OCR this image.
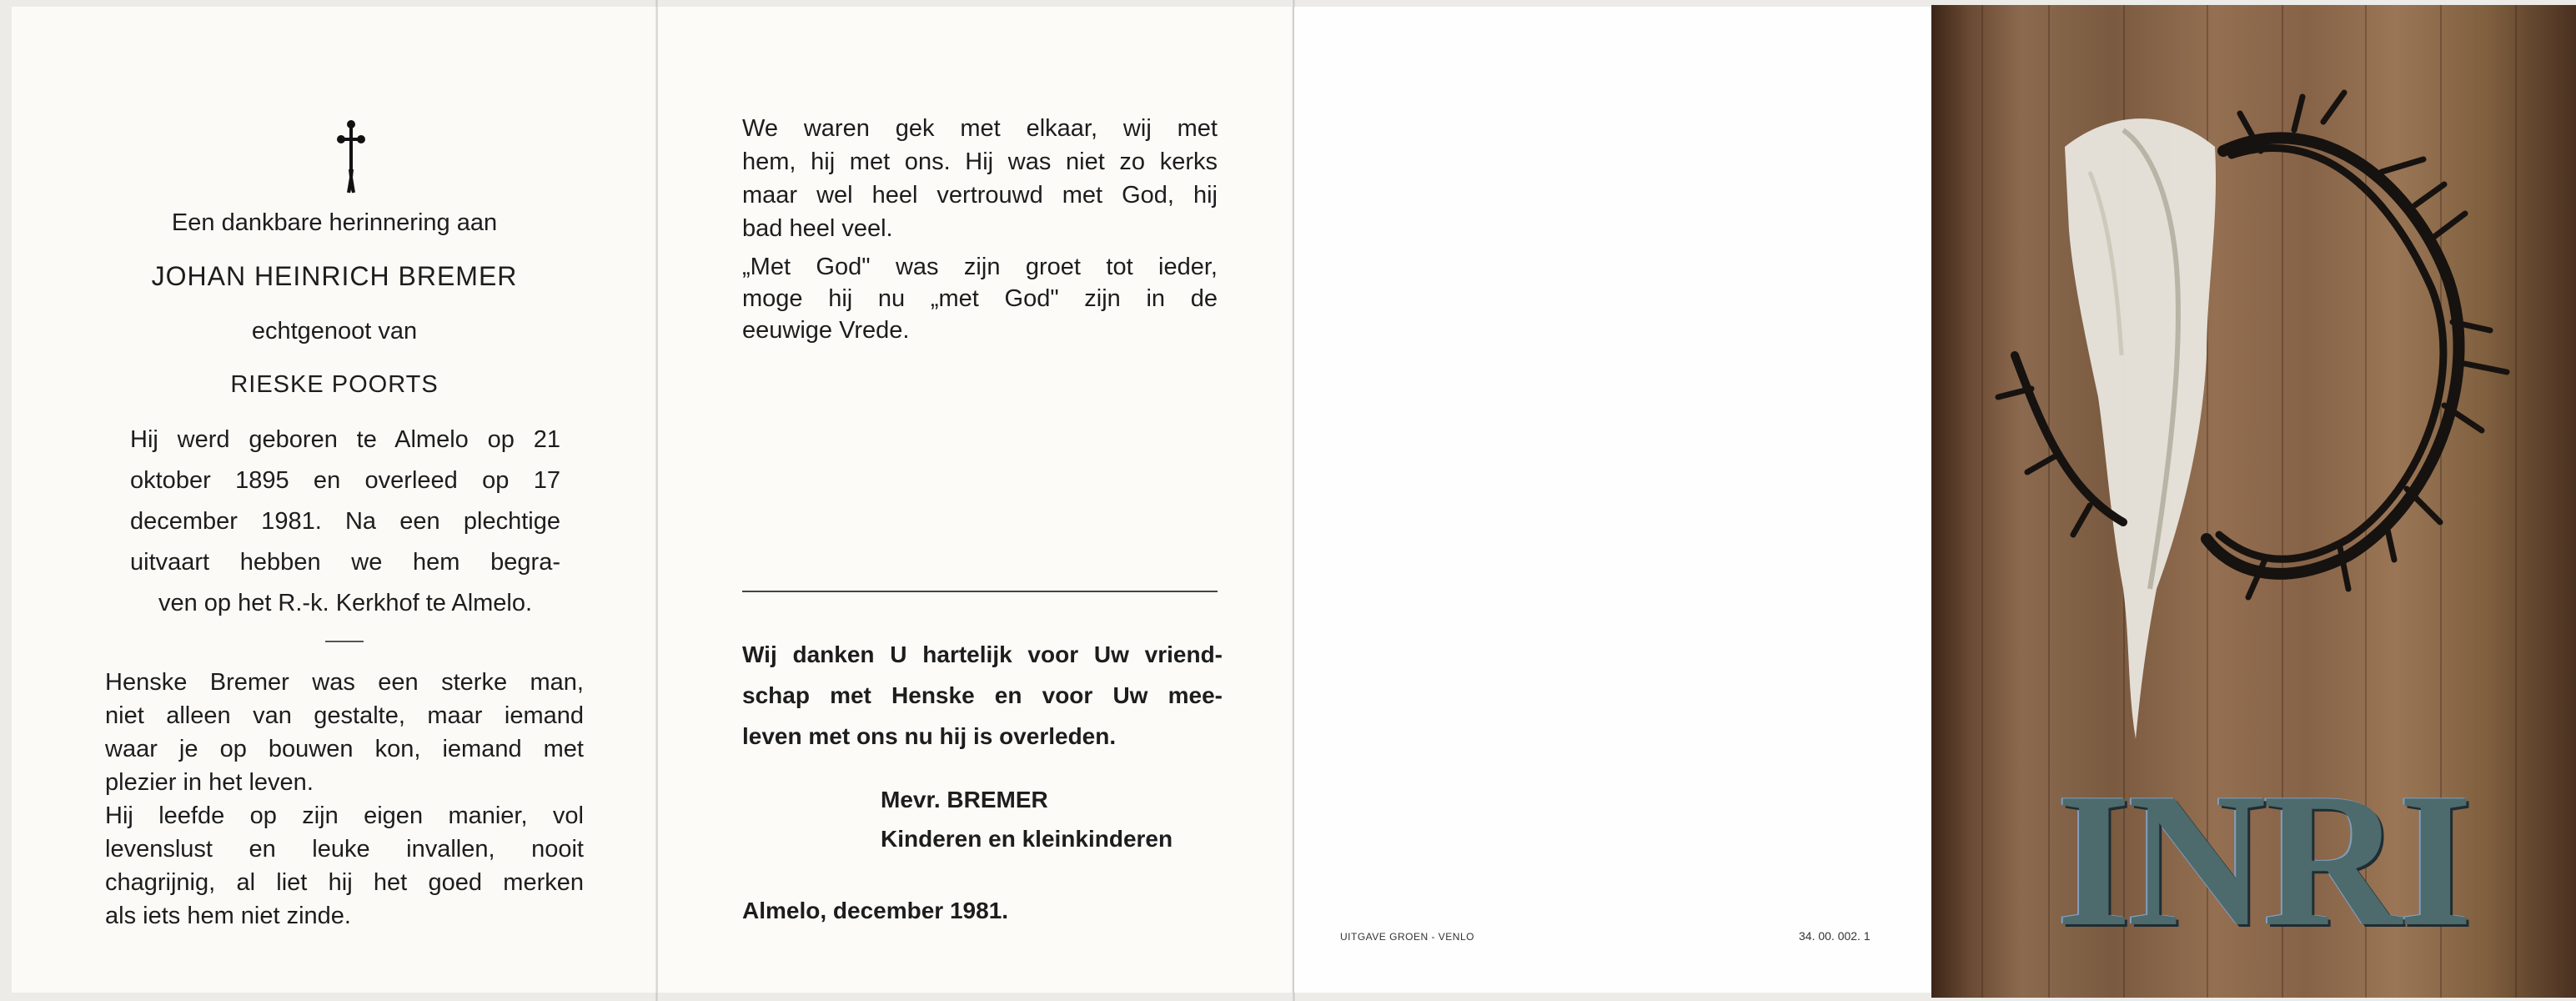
Een dankbare herinnering aan
JOHAN HEINRICH BREMER
echtgenoot van
RIESKE POORTS
Hij werd geboren te Almelo op 21
oktober 1895 en overleed op 17
december 1981. Na een plechtige
uitvaart hebben we hem begra-
ven op het R.-k. Kerkhof te Almelo.
Henske Bremer was een sterke man,
niet alleen van gestalte, maar iemand
waar je op bouwen kon, iemand met
plezier in het leven.
Hij leefde op zijn eigen manier, vol
levenslust en leuke invallen, nooit
chagrijnig, al liet hij het goed merken
als iets hem niet zinde.
We waren gek met elkaar, wij met
hem, hij met ons. Hij was niet zo kerks
maar wel heel vertrouwd met God, hij
bad heel veel.
„Met God" was zijn groet tot ieder,
moge hij nu „met God" zijn in de
eeuwige Vrede.
Wij danken U hartelijk voor Uw vriend-
schap met Henske en voor Uw mee-
leven met ons nu hij is overleden.
Mevr. BREMER
Kinderen en kleinkinderen
Almelo, december 1981.
UITGAVE GROEN - VENLO	34. 00. 002. 1 INRI
